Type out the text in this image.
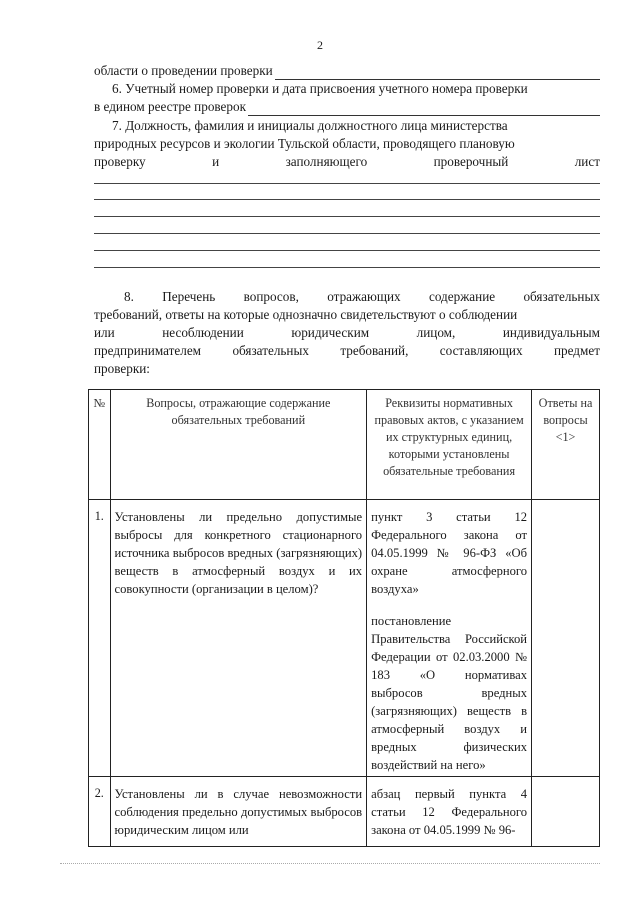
2
области о проведении проверки
6. Учетный номер проверки и дата присвоения учетного номера проверки
в едином реестре проверок
7. Должность, фамилия и инициалы должностного лица министерства
природных ресурсов и экологии Тульской области, проводящего плановую
проверку	и	заполняющего	проверочный	лист
8. Перечень вопросов, отражающих содержание обязательных
требований, ответы на которые однозначно свидетельствуют о соблюдении
или	несоблюдении	юридическим	лицом,	индивидуальным
предпринимателем обязательных требований, составляющих предмет
проверки:
№	Вопросы, отражающие содержание обязательных требований	Реквизиты нормативных правовых актов, с указанием их структурных единиц, которыми установлены обязательные требования	Ответы на вопросы <1>
1.	Установлены ли предельно допустимые выбросы для конкретного стационарного источника выбросов вредных (загрязняющих) веществ в атмосферный воздух и их совокупности (организации в целом)?	пункт 3 статьи 12 Федерального закона от 04.05.1999 № 96-ФЗ «Об охране атмосферного воздуха»
постановление Правительства Российской Федерации от 02.03.2000 № 183 «О нормативах выбросов вредных (загрязняющих) веществ в атмосферный воздух и вредных физических воздействий на него»	

2.	Установлены ли в случае невозможности соблюдения предельно допустимых выбросов юридическим лицом или	абзац первый пункта 4 статьи 12 Федерального закона от 04.05.1999 № 96-	
